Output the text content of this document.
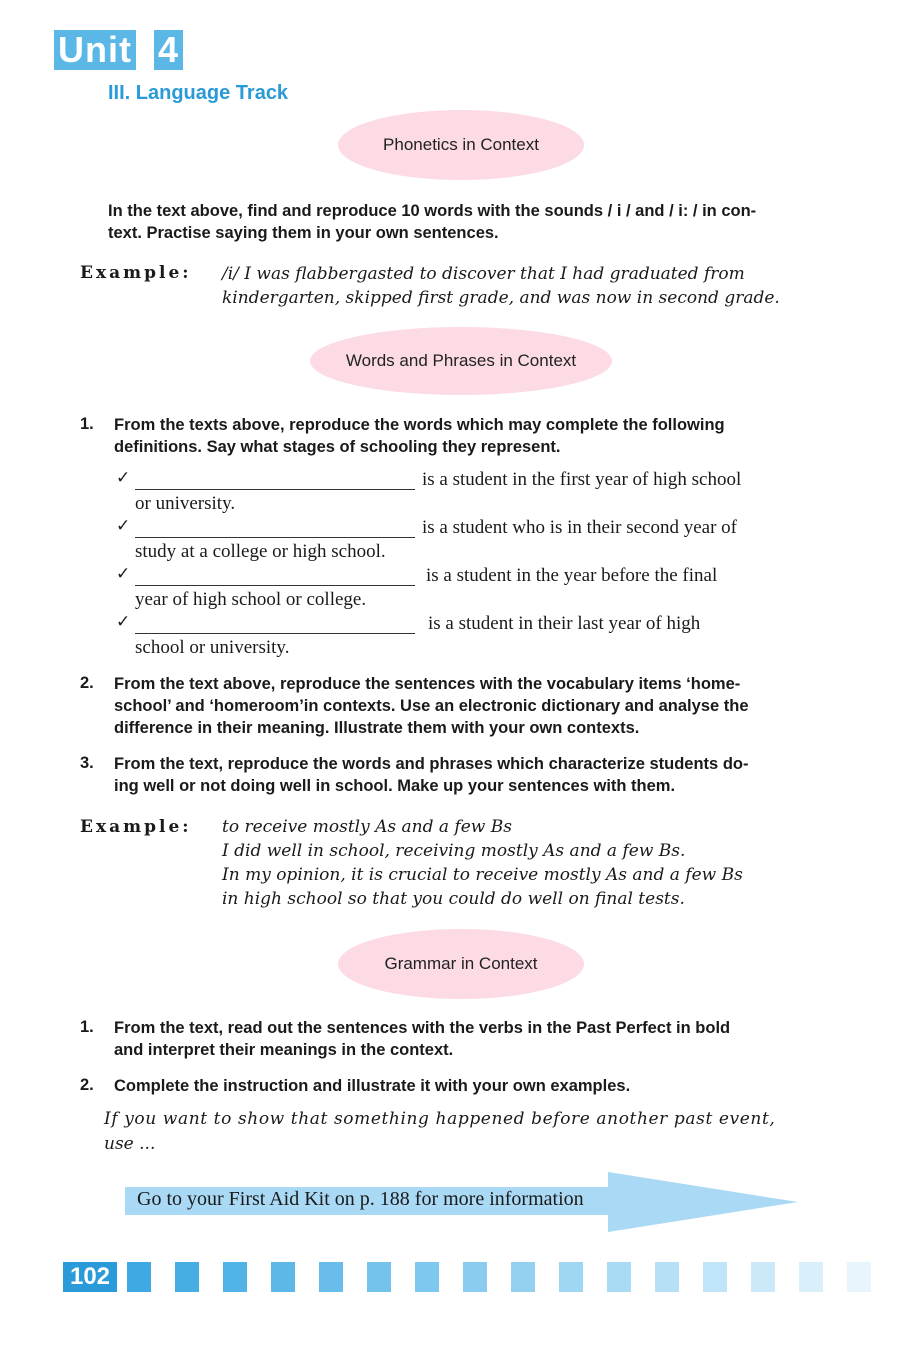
Unit 4
III. Language Track
Phonetics in Context
In the text above, find and reproduce 10 words with the sounds / i / and / i: / in con-
text. Practise saying them in your own sentences.
Example: /i/ I was flabbergasted to discover that I had graduated from
kindergarten, skipped first grade, and was now in second grade.
Words and Phrases in Context
1. From the texts above, reproduce the words which may complete the following
definitions. Say what stages of schooling they represent.
✓	is a student in the first year of high school
or university.
✓	is a student who is in their second year of
study at a college or high school.
✓	is a student in the year before the final
year of high school or college.
✓	is a student in their last year of high
school or university.
2. From the text above, reproduce the sentences with the vocabulary items ‘home-
school’ and ‘homeroom’in contexts. Use an electronic dictionary and analyse the
difference in their meaning. Illustrate them with your own contexts.
3. From the text, reproduce the words and phrases which characterize students do-
ing well or not doing well in school. Make up your sentences with them.
Example: to receive mostly As and a few Bs
I did well in school, receiving mostly As and a few Bs.
In my opinion, it is crucial to receive mostly As and a few Bs
in high school so that you could do well on final tests.
Grammar in Context
1. From the text, read out the sentences with the verbs in the Past Perfect in bold
and interpret their meanings in the context.
2. Complete the instruction and illustrate it with your own examples.
If you want to show that something happened before another past event,
use ...
Go to your First Aid Kit on p. 188 for more information
102
